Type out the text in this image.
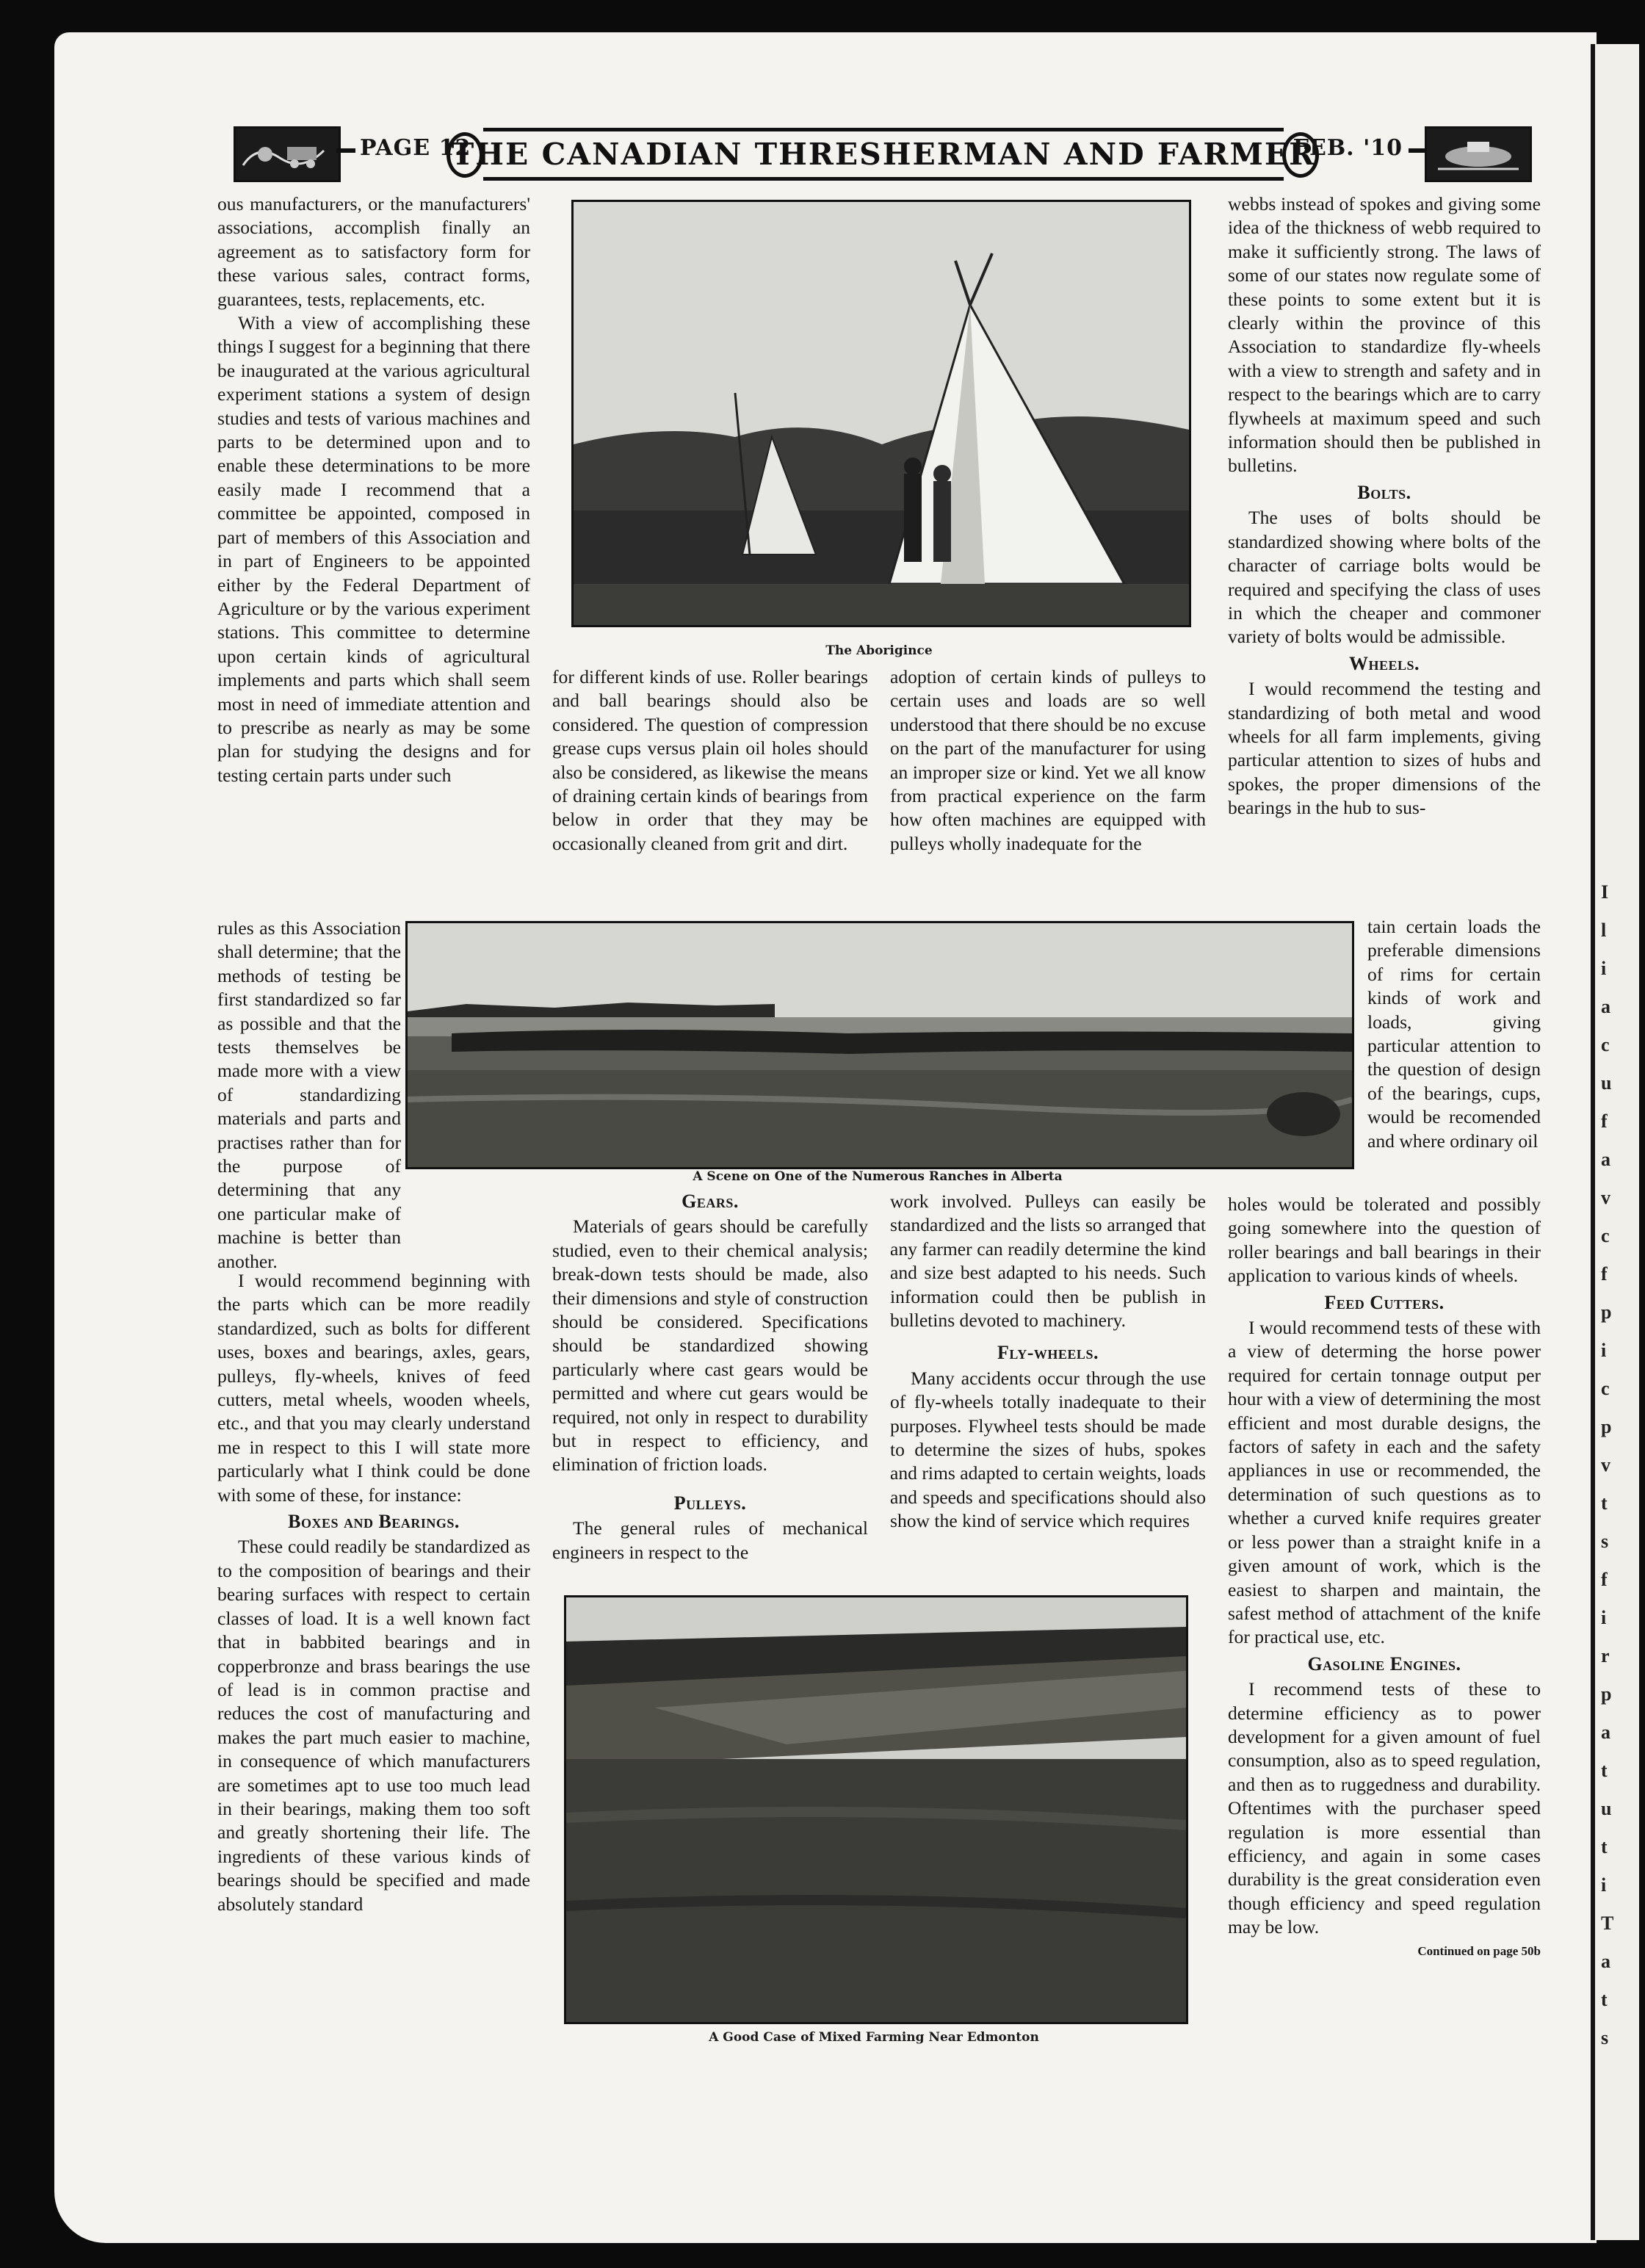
I
l
i
a
c
u
f
a
v
c
f
p
i
c
p
v
t
s
f
i
r
p
a
t
u
t
i
T
a
t
s
PAGE 12
THE CANADIAN THRESHERMAN AND FARMER
FEB. '10

ous manufacturers, or the manufacturers' associations, accomplish finally an agreement as to satisfactory form for these various sales, contract forms, guarantees, tests, replacements, etc.

With a view of accomplishing these things I suggest for a beginning that there be inaugurated at the various agricultural experiment stations a system of design studies and tests of various machines and parts to be determined upon and to enable these determinations to be more easily made I recommend that a committee be appointed, composed in part of members of this Association and in part of Engineers to be appointed either by the Federal Department of Agriculture or by the various experiment stations. This committee to determine upon certain kinds of agricultural implements and parts which shall seem most in need of immediate attention and to prescribe as nearly as may be some plan for studying the designs and for testing certain parts under such

rules as this Association shall determine; that the methods of testing be first standardized so far as possible and that the tests themselves be made more with a view of standardizing materials and parts and practises rather than for the purpose of determining that any one particular make of machine is better than another.

I would recommend beginning with the parts which can be more readily standardized, such as bolts for different uses, boxes and bearings, axles, gears, pulleys, fly-wheels, knives of feed cutters, metal wheels, wooden wheels, etc., and that you may clearly understand me in respect to this I will state more particularly what I think could be done with some of these, for instance:

Boxes and Bearings.

These could readily be standardized as to the composition of bearings and their bearing surfaces with respect to certain classes of load. It is a well known fact that in babbited bearings and in copperbronze and brass bearings the use of lead is in common practise and reduces the cost of manufacturing and makes the part much easier to machine, in consequence of which manufacturers are sometimes apt to use too much lead in their bearings, making them too soft and greatly shortening their life. The ingredients of these various kinds of bearings should be specified and made absolutely standard

The Aborigince

for different kinds of use. Roller bearings and ball bearings should also be considered. The question of compression grease cups versus plain oil holes should also be considered, as likewise the means of draining certain kinds of bearings from below in order that they may be occasionally cleaned from grit and dirt.

adoption of certain kinds of pulleys to certain uses and loads are so well understood that there should be no excuse on the part of the manufacturer for using an improper size or kind. Yet we all know from practical experience on the farm how often machines are equipped with pulleys wholly inadequate for the

A Scene on One of the Numerous Ranches in Alberta
Gears.

Materials of gears should be carefully studied, even to their chemical analysis; break-down tests should be made, also their dimensions and style of construction should be considered. Specifications should be standardized showing particularly where cast gears would be permitted and where cut gears would be required, not only in respect to durability but in respect to efficiency, and elimination of friction loads.

Pulleys.

The general rules of mechanical engineers in respect to the

work involved. Pulleys can easily be standardized and the lists so arranged that any farmer can readily determine the kind and size best adapted to his needs. Such information could then be publish in bulletins devoted to machinery.

Fly-wheels.

Many accidents occur through the use of fly-wheels totally inadequate to their purposes. Flywheel tests should be made to determine the sizes of hubs, spokes and rims adapted to certain weights, loads and speeds and specifications should also show the kind of service which requires

A Good Case of Mixed Farming Near Edmonton

webbs instead of spokes and giving some idea of the thickness of webb required to make it sufficiently strong. The laws of some of our states now regulate some of these points to some extent but it is clearly within the province of this Association to standardize fly-wheels with a view to strength and safety and in respect to the bearings which are to carry flywheels at maximum speed and such information should then be published in bulletins.

Bolts.

The uses of bolts should be standardized showing where bolts of the character of carriage bolts would be required and specifying the class of uses in which the cheaper and commoner variety of bolts would be admissible.

Wheels.

I would recommend the testing and standardizing of both metal and wood wheels for all farm implements, giving particular attention to sizes of hubs and spokes, the proper dimensions of the bearings in the hub to sus-

tain certain loads the preferable dimensions of rims for certain kinds of work and loads, giving particular attention to the question of design of the bearings, cups, would be recomended and where ordinary oil

holes would be tolerated and possibly going somewhere into the question of roller bearings and ball bearings in their application to various kinds of wheels.

Feed Cutters.

I would recommend tests of these with a view of determing the horse power required for certain tonnage output per hour with a view of determining the most efficient and most durable designs, the factors of safety in each and the safety appliances in use or recommended, the determination of such questions as to whether a curved knife requires greater or less power than a straight knife in a given amount of work, which is the easiest to sharpen and maintain, the safest method of attachment of the knife for practical use, etc.

Gasoline Engines.

I recommend tests of these to determine efficiency as to power development for a given amount of fuel consumption, also as to speed regulation, and then as to ruggedness and durability. Oftentimes with the purchaser speed regulation is more essential than efficiency, and again in some cases durability is the great consideration even though efficiency and speed regulation may be low.

Continued on page 50b
